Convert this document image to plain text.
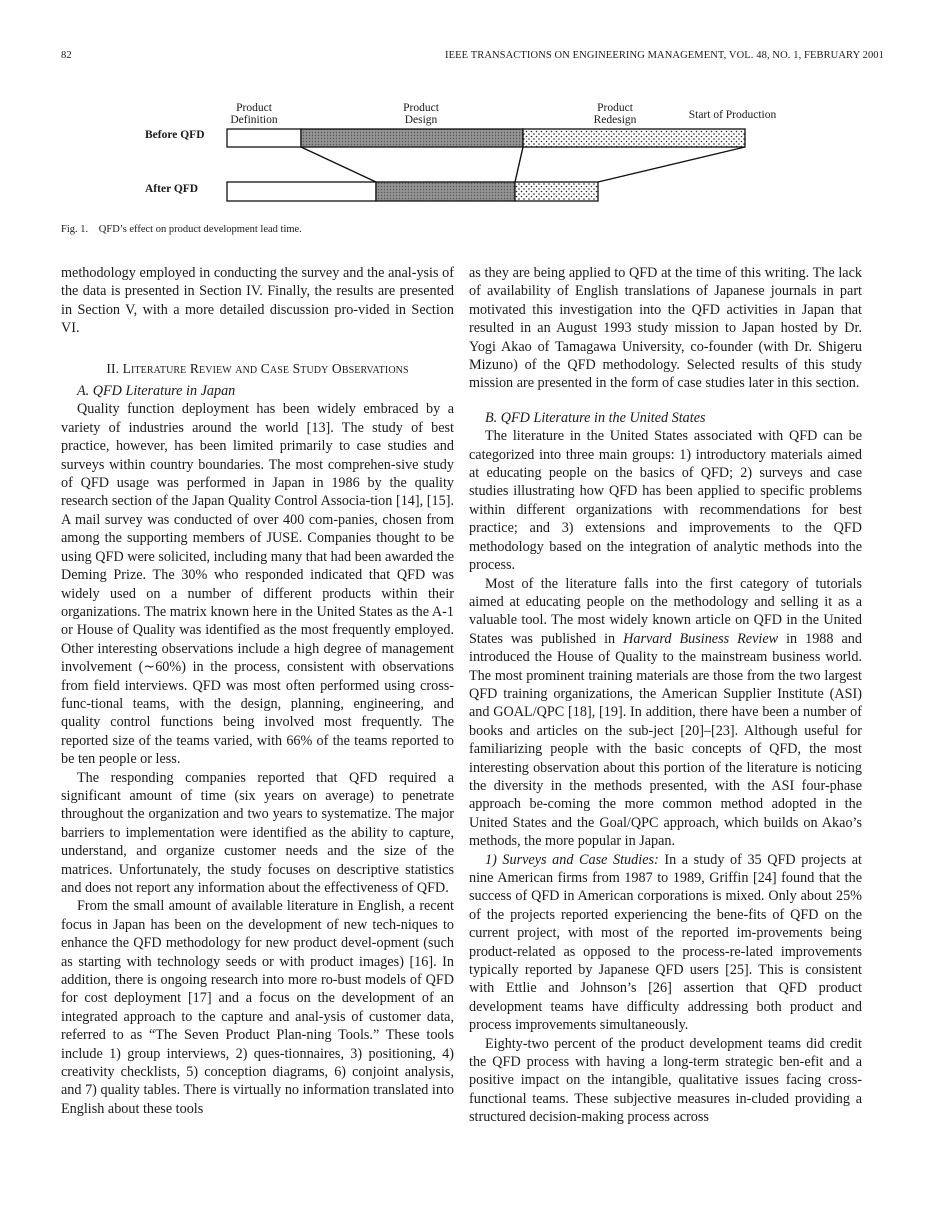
82	IEEE TRANSACTIONS ON ENGINEERING MANAGEMENT, VOL. 48, NO. 1, FEBRUARY 2001
Product
Definition
Product
Design
Product
Redesign	Start of Production
Before QFD
After QFD
Fig. 1. QFD’s effect on product development lead time.

methodology employed in conducting the survey and the anal-ysis of the data is presented in Section IV. Finally, the results are presented in Section V, with a more detailed discussion pro-vided in Section VI.

II. Literature Review and Case Study Observations

A. QFD Literature in Japan

Quality function deployment has been widely embraced by a variety of industries around the world [13]. The study of best practice, however, has been limited primarily to case studies and surveys within country boundaries. The most comprehen-sive study of QFD usage was performed in Japan in 1986 by the quality research section of the Japan Quality Control Associa-tion [14], [15]. A mail survey was conducted of over 400 com-panies, chosen from among the supporting members of JUSE. Companies thought to be using QFD were solicited, including many that had been awarded the Deming Prize. The 30% who responded indicated that QFD was widely used on a number of different products within their organizations. The matrix known here in the United States as the A-1 or House of Quality was identified as the most frequently employed. Other interesting observations include a high degree of management involvement (∼60%) in the process, consistent with observations from field interviews. QFD was most often performed using cross-func-tional teams, with the design, planning, engineering, and quality control functions being involved most frequently. The reported size of the teams varied, with 66% of the teams reported to be ten people or less.

The responding companies reported that QFD required a significant amount of time (six years on average) to penetrate throughout the organization and two years to systematize. The major barriers to implementation were identified as the ability to capture, understand, and organize customer needs and the size of the matrices. Unfortunately, the study focuses on descriptive statistics and does not report any information about the effectiveness of QFD.

From the small amount of available literature in English, a recent focus in Japan has been on the development of new tech-niques to enhance the QFD methodology for new product devel-opment (such as starting with technology seeds or with product images) [16]. In addition, there is ongoing research into more ro-bust models of QFD for cost deployment [17] and a focus on the development of an integrated approach to the capture and anal-ysis of customer data, referred to as “The Seven Product Plan-ning Tools.” These tools include 1) group interviews, 2) ques-tionnaires, 3) positioning, 4) creativity checklists, 5) conception diagrams, 6) conjoint analysis, and 7) quality tables. There is virtually no information translated into English about these tools

as they are being applied to QFD at the time of this writing. The lack of availability of English translations of Japanese journals in part motivated this investigation into the QFD activities in Japan that resulted in an August 1993 study mission to Japan hosted by Dr. Yogi Akao of Tamagawa University, co-founder (with Dr. Shigeru Mizuno) of the QFD methodology. Selected results of this study mission are presented in the form of case studies later in this section.

B. QFD Literature in the United States

The literature in the United States associated with QFD can be categorized into three main groups: 1) introductory materials aimed at educating people on the basics of QFD; 2) surveys and case studies illustrating how QFD has been applied to specific problems within different organizations with recommendations for best practice; and 3) extensions and improvements to the QFD methodology based on the integration of analytic methods into the process.

Most of the literature falls into the first category of tutorials aimed at educating people on the methodology and selling it as a valuable tool. The most widely known article on QFD in the United States was published in Harvard Business Review in 1988 and introduced the House of Quality to the mainstream business world. The most prominent training materials are those from the two largest QFD training organizations, the American Supplier Institute (ASI) and GOAL/QPC [18], [19]. In addition, there have been a number of books and articles on the sub-ject [20]–[23]. Although useful for familiarizing people with the basic concepts of QFD, the most interesting observation about this portion of the literature is noticing the diversity in the methods presented, with the ASI four-phase approach be-coming the more common method adopted in the United States and the Goal/QPC approach, which builds on Akao’s methods, the more popular in Japan.

1) Surveys and Case Studies: In a study of 35 QFD projects at nine American firms from 1987 to 1989, Griffin [24] found that the success of QFD in American corporations is mixed. Only about 25% of the projects reported experiencing the bene-fits of QFD on the current project, with most of the reported im-provements being product-related as opposed to the process-re-lated improvements typically reported by Japanese QFD users [25]. This is consistent with Ettlie and Johnson’s [26] assertion that QFD product development teams have difficulty addressing both product and process improvements simultaneously.

Eighty-two percent of the product development teams did credit the QFD process with having a long-term strategic ben-efit and a positive impact on the intangible, qualitative issues facing cross-functional teams. These subjective measures in-cluded providing a structured decision-making process across
